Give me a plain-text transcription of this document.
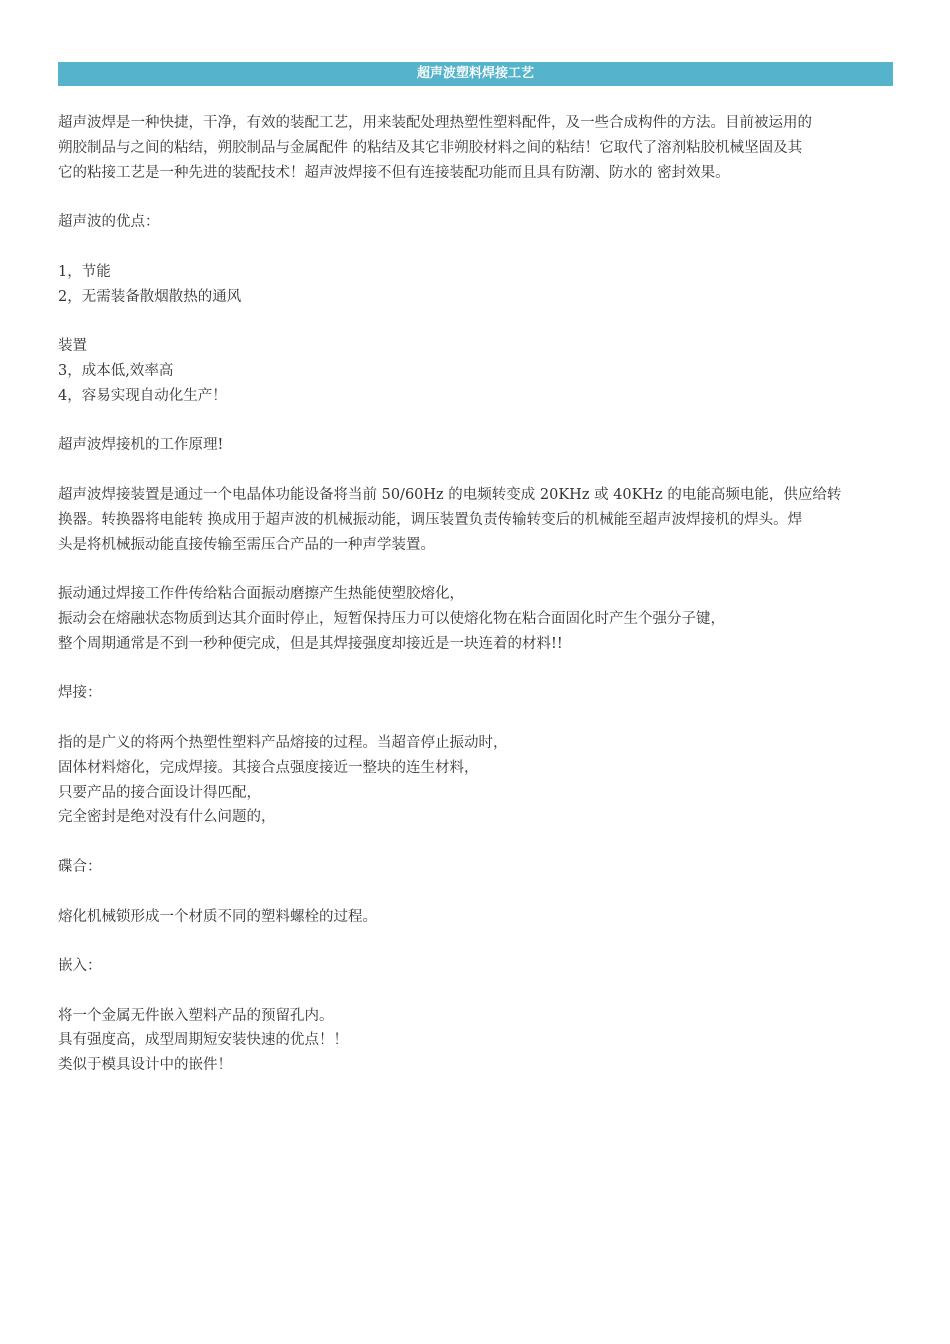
超声波塑料焊接工艺
超声波焊是一种快捷，干净，有效的装配工艺，用来装配处理热塑性塑料配件，及一些合成构件的方法。目前被运用的
朔胶制品与之间的粘结，朔胶制品与金属配件 的粘结及其它非朔胶材料之间的粘结！它取代了溶剂粘胶机械坚固及其
它的粘接工艺是一种先进的装配技术！超声波焊接不但有连接装配功能而且具有防潮、防水的 密封效果。
超声波的优点：
1，节能
2，无需装备散烟散热的通风
装置
3，成本低,效率高
4，容易实现自动化生产！
超声波焊接机的工作原理!
超声波焊接装置是通过一个电晶体功能设备将当前 50/60Hz 的电频转变成 20KHz 或 40KHz 的电能高频电能，供应给转
换器。转换器将电能转 换成用于超声波的机械振动能，调压装置负责传输转变后的机械能至超声波焊接机的焊头。焊
头是将机械振动能直接传输至需压合产品的一种声学装置。
振动通过焊接工作件传给粘合面振动磨擦产生热能使塑胶熔化，
振动会在熔融状态物质到达其介面时停止，短暂保持压力可以使熔化物在粘合面固化时产生个强分子键，
整个周期通常是不到一秒种便完成，但是其焊接强度却接近是一块连着的材料!!
焊接：
指的是广义的将两个热塑性塑料产品熔接的过程。当超音停止振动时，
固体材料熔化，完成焊接。其接合点强度接近一整块的连生材料，
只要产品的接合面设计得匹配，
完全密封是绝对没有什么问题的，
碟合：
熔化机械锁形成一个材质不同的塑料螺栓的过程。
嵌入：
将一个金属无件嵌入塑料产品的预留孔内。
具有强度高，成型周期短安装快速的优点！！
类似于模具设计中的嵌件！
